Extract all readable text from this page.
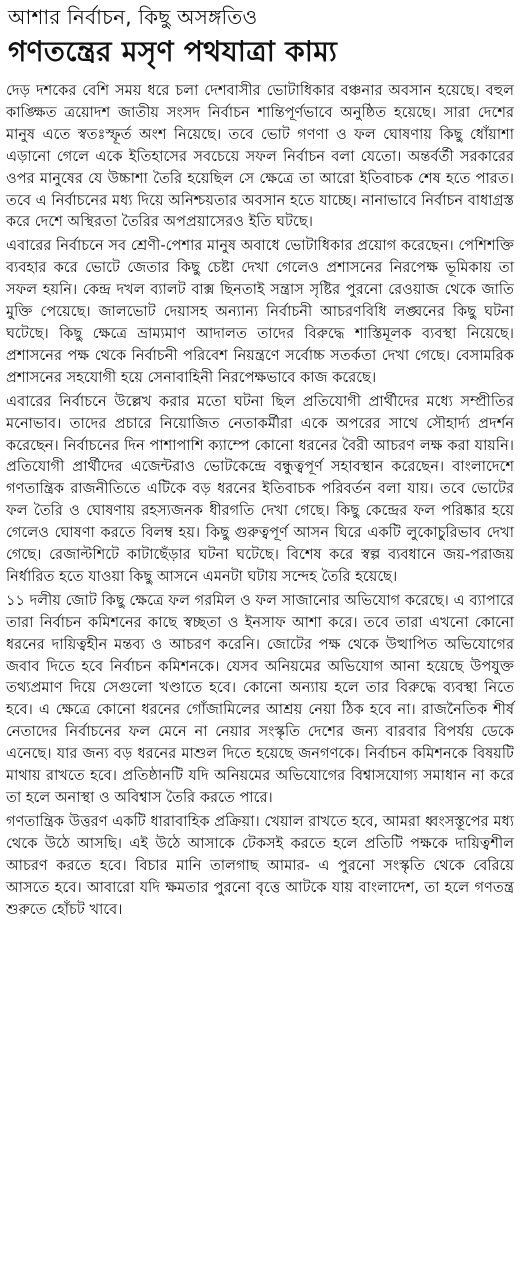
আশার নির্বাচন, কিছু অসঙ্গতিও
গণতন্ত্রের মসৃণ পথযাত্রা কাম্য

দেড় দশকের বেশি সময় ধরে চলা দেশবাসীর ভোটাধিকার বঞ্চনার অবসান হয়েছে। বহুল কাঙ্ক্ষিত ত্রয়োদশ জাতীয় সংসদ নির্বাচন শান্তিপূর্ণভাবে অনুষ্ঠিত হয়েছে। সারা দেশের মানুষ এতে স্বতঃস্ফূর্ত অংশ নিয়েছে। তবে ভোট গণণা ও ফল ঘোষণায় কিছু ধোঁয়াশা এড়ানো গেলে একে ইতিহাসের সবচেয়ে সফল নির্বাচন বলা যেতো। অন্তর্বর্তী সরকারের ওপর মানুষের যে উচ্চাশা তৈরি হয়েছিল সে ক্ষেত্রে তা আরো ইতিবাচক শেষ হতে পারত। তবে এ নির্বাচনের মধ্য দিয়ে অনিশ্চয়তার অবসান হতে যাচ্ছে। নানাভাবে নির্বাচন বাধাগ্রস্ত করে দেশে অস্থিরতা তৈরির অপপ্রয়াসেরও ইতি ঘটছে।

এবারের নির্বাচনে সব শ্রেণী-পেশার মানুষ অবাধে ভোটাধিকার প্রয়োগ করেছেন। পেশিশক্তি ব্যবহার করে ভোটে জেতার কিছু চেষ্টা দেখা গেলেও প্রশাসনের নিরপেক্ষ ভূমিকায় তা সফল হয়নি। কেন্দ্র দখল ব্যালট বাক্স ছিনতাই সন্ত্রাস সৃষ্টির পুরনো রেওয়াজ থেকে জাতি মুক্তি পেয়েছে। জালভোট দেয়াসহ অন্যান্য নির্বাচনী আচরণবিধি লঙ্ঘনের কিছু ঘটনা ঘটেছে। কিছু ক্ষেত্রে ভ্রাম্যমাণ আদালত তাদের বিরুদ্ধে শাস্তিমূলক ব্যবস্থা নিয়েছে। প্রশাসনের পক্ষ থেকে নির্বাচনী পরিবেশ নিয়ন্ত্রণে সর্বোচ্চ সতর্কতা দেখা গেছে। বেসামরিক প্রশাসনের সহযোগী হয়ে সেনাবাহিনী নিরপেক্ষভাবে কাজ করেছে।

এবারের নির্বাচনে উল্লেখ করার মতো ঘটনা ছিল প্রতিযোগী প্রার্থীদের মধ্যে সম্প্রীতির মনোভাব। তাদের প্রচারে নিয়োজিত নেতাকর্মীরা একে অপরের সাথে সৌহার্দ্য প্রদর্শন করেছেন। নির্বাচনের দিন পাশাপাশি ক্যাম্পে কোনো ধরনের বৈরী আচরণ লক্ষ করা যায়নি। প্রতিযোগী প্রার্থীদের এজেন্টরাও ভোটকেন্দ্রে বন্ধুত্বপূর্ণ সহাবস্থান করেছেন। বাংলাদেশে গণতান্ত্রিক রাজনীতিতে এটিকে বড় ধরনের ইতিবাচক পরিবর্তন বলা যায়। তবে ভোটের ফল তৈরি ও ঘোষণায় রহস্যজনক ধীরগতি দেখা গেছে। কিছু কেন্দ্রের ফল পরিষ্কার হয়ে গেলেও ঘোষণা করতে বিলম্ব হয়। কিছু গুরুত্বপূর্ণ আসন ঘিরে একটি লুকোচুরিভাব দেখা গেছে। রেজাল্টশিটে কাটাছেঁড়ার ঘটনা ঘটেছে। বিশেষ করে স্বল্প ব্যবধানে জয়-পরাজয় নির্ধারিত হতে যাওয়া কিছু আসনে এমনটা ঘটায় সন্দেহ তৈরি হয়েছে।

১১ দলীয় জোট কিছু ক্ষেত্রে ফল গরমিল ও ফল সাজানোর অভিযোগ করেছে। এ ব্যাপারে তারা নির্বাচন কমিশনের কাছে স্বচ্ছতা ও ইনসাফ আশা করে। তবে তারা এখনো কোনো ধরনের দায়িত্বহীন মন্তব্য ও আচরণ করেনি। জোটের পক্ষ থেকে উত্থাপিত অভিযোগের জবাব দিতে হবে নির্বাচন কমিশনকে। যেসব অনিয়মের অভিযোগ আনা হয়েছে উপযুক্ত তথ্যপ্রমাণ দিয়ে সেগুলো খণ্ডাতে হবে। কোনো অন্যায় হলে তার বিরুদ্ধে ব্যবস্থা নিতে হবে। এ ক্ষেত্রে কোনো ধরনের গোঁজামিলের আশ্রয় নেয়া ঠিক হবে না। রাজনৈতিক শীর্ষ নেতাদের নির্বাচনের ফল মেনে না নেয়ার সংস্কৃতি দেশের জন্য বারবার বিপর্যয় ডেকে এনেছে। যার জন্য বড় ধরনের মাশুল দিতে হয়েছে জনগণকে। নির্বাচন কমিশনকে বিষয়টি মাথায় রাখতে হবে। প্রতিষ্ঠানটি যদি অনিয়মের অভিযোগের বিশ্বাসযোগ্য সমাধান না করে তা হলে অনাস্থা ও অবিশ্বাস তৈরি করতে পারে।

গণতান্ত্রিক উত্তরণ একটি ধারাবাহিক প্রক্রিয়া। খেয়াল রাখতে হবে, আমরা ধ্বংসস্তূপের মধ্য থেকে উঠে আসছি। এই উঠে আসাকে টেকসই করতে হলে প্রতিটি পক্ষকে দায়িত্বশীল আচরণ করতে হবে। বিচার মানি তালগাছ আমার- এ পুরনো সংস্কৃতি থেকে বেরিয়ে আসতে হবে। আবারো যদি ক্ষমতার পুরনো বৃত্তে আটকে যায় বাংলাদেশ, তা হলে গণতন্ত্র শুরুতে হোঁচট খাবে।
